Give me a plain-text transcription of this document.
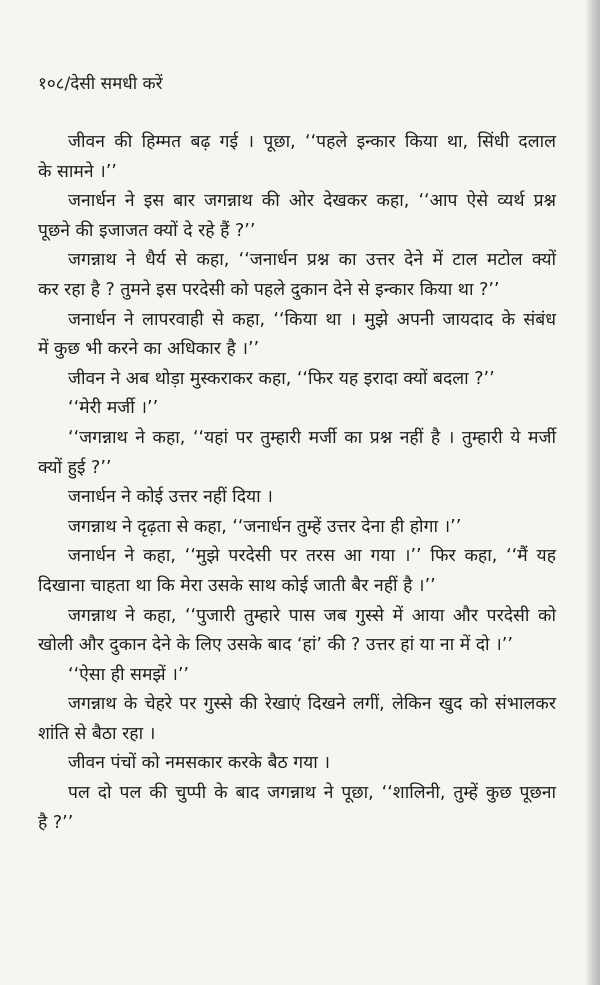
१०८/देसी समधी करें
जीवन की हिम्मत बढ़ गई । पूछा, ‘‘पहले इन्कार किया था, सिंधी दलाल
के सामने ।’’
जनार्धन ने इस बार जगन्नाथ की ओर देखकर कहा, ‘‘आप ऐसे व्यर्थ प्रश्न
पूछने की इजाजत क्यों दे रहे हैं ?’’
जगन्नाथ ने धैर्य से कहा, ‘‘जनार्धन प्रश्न का उत्तर देने में टाल मटोल क्यों
कर रहा है ? तुमने इस परदेसी को पहले दुकान देने से इन्कार किया था ?’’
जनार्धन ने लापरवाही से कहा, ‘‘किया था । मुझे अपनी जायदाद के संबंध
में कुछ भी करने का अधिकार है ।’’
जीवन ने अब थोड़ा मुस्कराकर कहा, ‘‘फिर यह इरादा क्यों बदला ?’’
‘‘मेरी मर्जी ।’’
‘‘जगन्नाथ ने कहा, ‘‘यहां पर तुम्हारी मर्जी का प्रश्न नहीं है । तुम्हारी ये मर्जी
क्यों हुई ?’’
जनार्धन ने कोई उत्तर नहीं दिया ।
जगन्नाथ ने दृढ़ता से कहा, ‘‘जनार्धन तुम्हें उत्तर देना ही होगा ।’’
जनार्धन ने कहा, ‘‘मुझे परदेसी पर तरस आ गया ।’’ फिर कहा, ‘‘मैं यह
दिखाना चाहता था कि मेरा उसके साथ कोई जाती बैर नहीं है ।’’
जगन्नाथ ने कहा, ‘‘पुजारी तुम्हारे पास जब गुस्से में आया और परदेसी को
खोली और दुकान देने के लिए उसके बाद ‘हां’ की ? उत्तर हां या ना में दो ।’’
‘‘ऐसा ही समझें ।’’
जगन्नाथ के चेहरे पर गुस्से की रेखाएं दिखने लगीं, लेकिन खुद को संभालकर
शांति से बैठा रहा ।
जीवन पंचों को नमसकार करके बैठ गया ।
पल दो पल की चुप्पी के बाद जगन्नाथ ने पूछा, ‘‘शालिनी, तुम्हें कुछ पूछना
है ?’’
